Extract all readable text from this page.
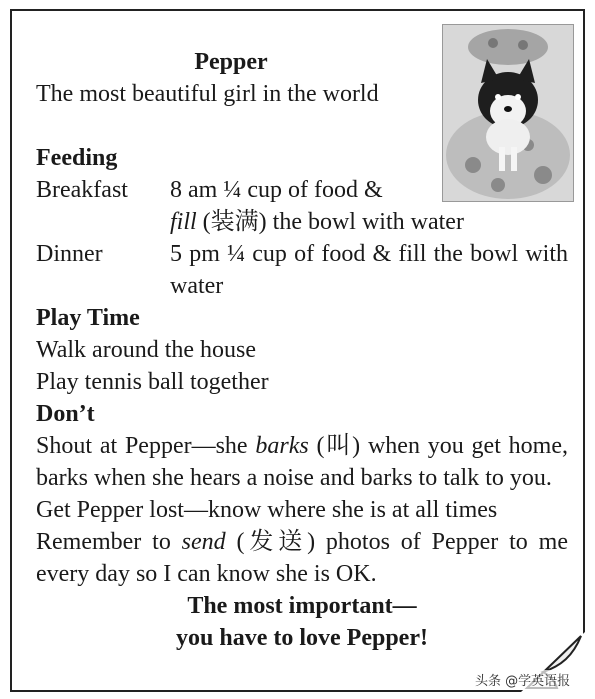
Pepper
The most beautiful girl in the world
Feeding
Breakfast	8 am ¼ cup of food &
fill (装满) the bowl with water
Dinner	5 pm ¼ cup of food & fill the bowl with water
Play Time
Walk around the house
Play tennis ball together
Don’t
Shout at Pepper—she barks (叫) when you get home, barks when she hears a noise and barks to talk to you.
Get Pepper lost—know where she is at all times
Remember to send (发送) photos of Pepper to me every day so I can know she is OK.
The most important—
you have to love Pepper!
头条 @学英语报
